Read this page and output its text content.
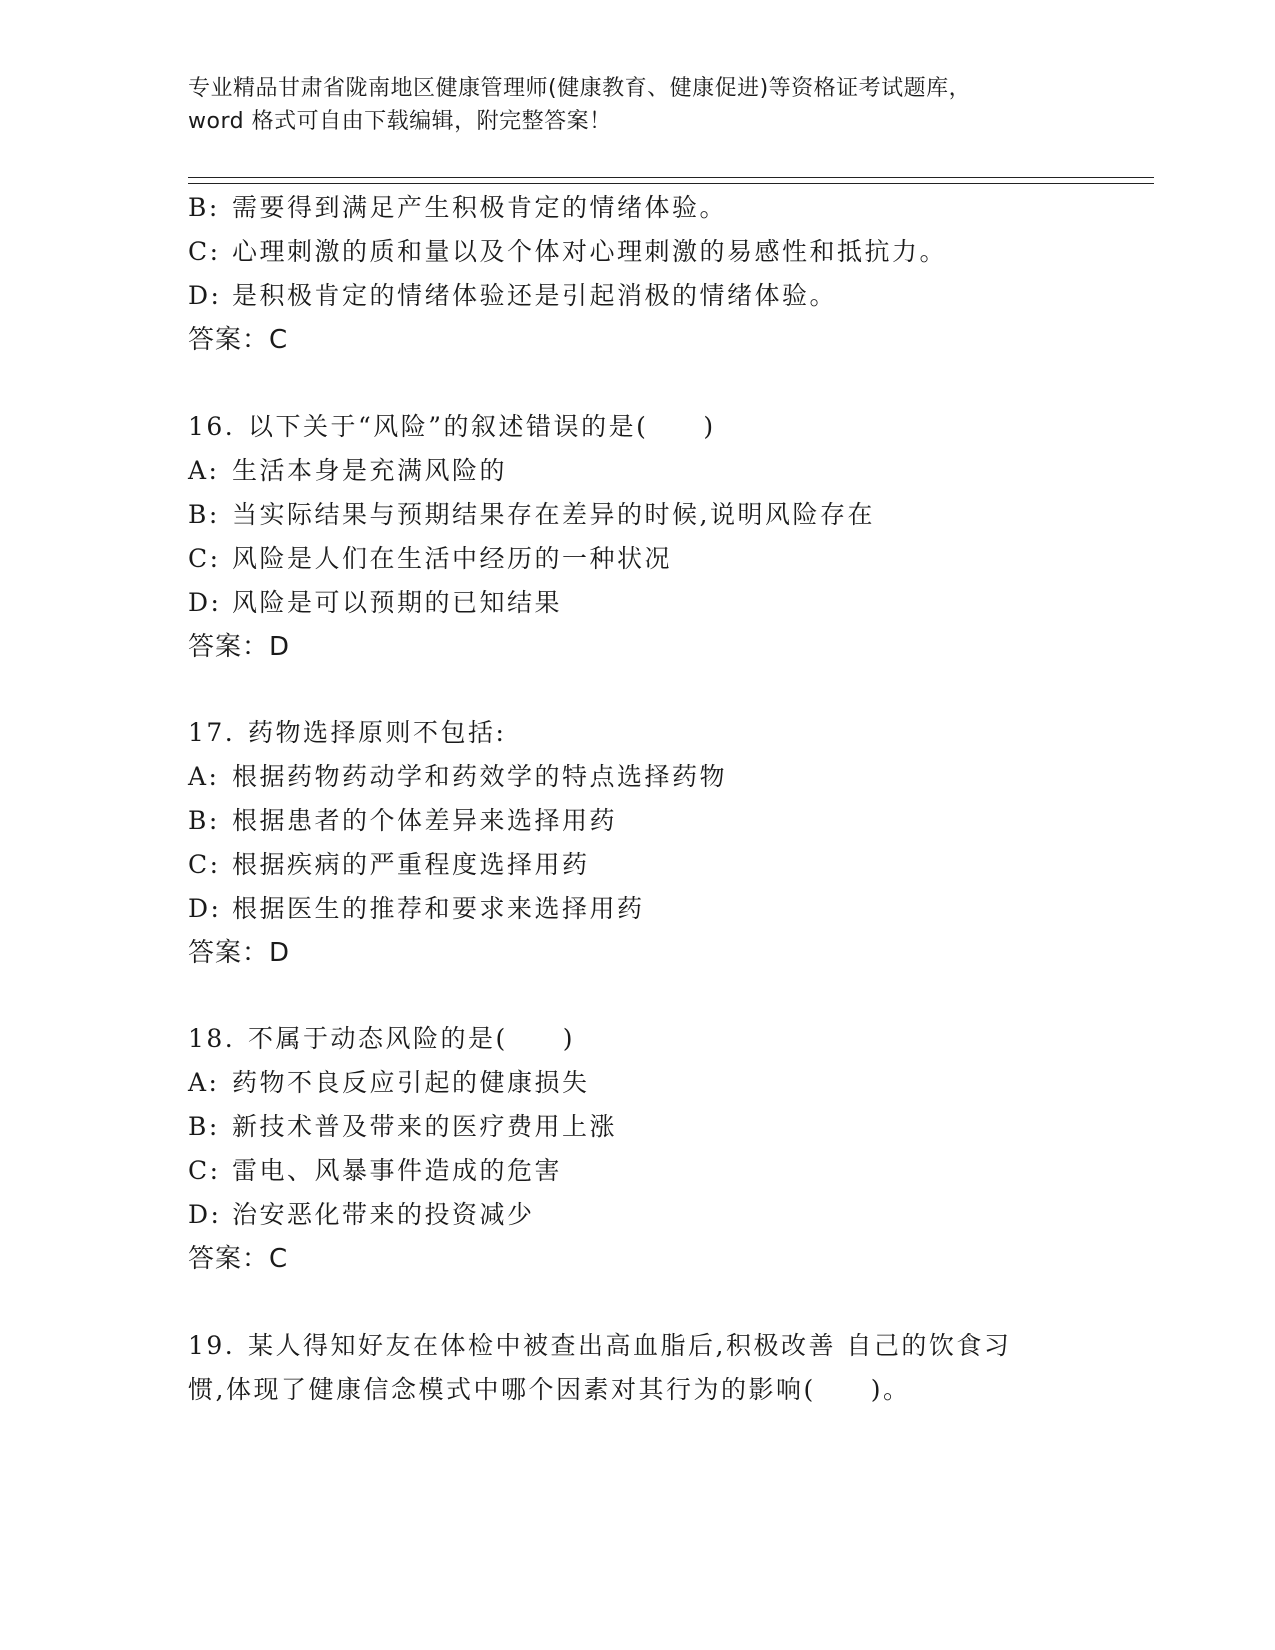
专业精品甘肃省陇南地区健康管理师(健康教育、健康促进)等资格证考试题库，
word 格式可自由下载编辑，附完整答案！
B: 需要得到满足产生积极肯定的情绪体验。
C: 心理刺激的质和量以及个体对心理刺激的易感性和抵抗力。
D: 是积极肯定的情绪体验还是引起消极的情绪体验。
答案：C
16. 以下关于“风险”的叙述错误的是(　　)
A: 生活本身是充满风险的
B: 当实际结果与预期结果存在差异的时候,说明风险存在
C: 风险是人们在生活中经历的一种状况
D: 风险是可以预期的已知结果
答案：D
17. 药物选择原则不包括:
A: 根据药物药动学和药效学的特点选择药物
B: 根据患者的个体差异来选择用药
C: 根据疾病的严重程度选择用药
D: 根据医生的推荐和要求来选择用药
答案：D
18. 不属于动态风险的是(　　)
A: 药物不良反应引起的健康损失
B: 新技术普及带来的医疗费用上涨
C: 雷电、风暴事件造成的危害
D: 治安恶化带来的投资减少
答案：C
19. 某人得知好友在体检中被查出高血脂后,积极改善 自己的饮食习
惯,体现了健康信念模式中哪个因素对其行为的影响(　　)。
